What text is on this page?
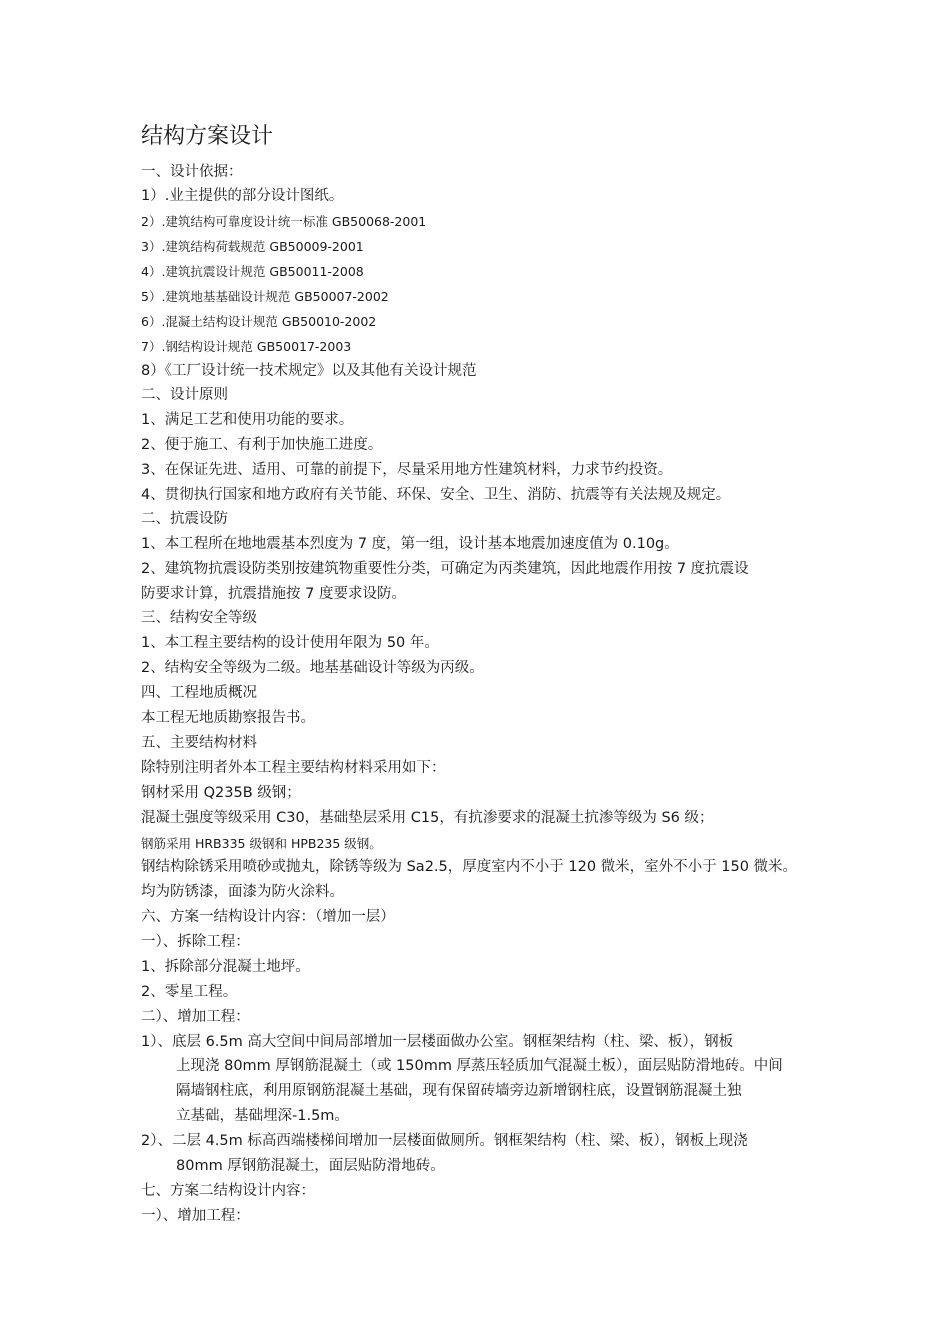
结构方案设计
一、设计依据：
1）.业主提供的部分设计图纸。
2）.建筑结构可靠度设计统一标准 GB50068-2001
3）.建筑结构荷载规范 GB50009-2001
4）.建筑抗震设计规范 GB50011-2008
5）.建筑地基基础设计规范 GB50007-2002
6）.混凝土结构设计规范 GB50010-2002
7）.钢结构设计规范 GB50017-2003
8）《工厂设计统一技术规定》以及其他有关设计规范
二、设计原则
1、满足工艺和使用功能的要求。
2、便于施工、有利于加快施工进度。
3、在保证先进、适用、可靠的前提下，尽量采用地方性建筑材料，力求节约投资。
4、贯彻执行国家和地方政府有关节能、环保、安全、卫生、消防、抗震等有关法规及规定。
二、抗震设防
1、本工程所在地地震基本烈度为 7 度，第一组，设计基本地震加速度值为 0.10g。
2、建筑物抗震设防类别按建筑物重要性分类，可确定为丙类建筑，因此地震作用按 7 度抗震设
防要求计算，抗震措施按 7 度要求设防。
三、结构安全等级
1、本工程主要结构的设计使用年限为 50 年。
2、结构安全等级为二级。地基基础设计等级为丙级。
四、工程地质概况
本工程无地质勘察报告书。
五、主要结构材料
除特别注明者外本工程主要结构材料采用如下：
钢材采用 Q235B 级钢；
混凝土强度等级采用 C30，基础垫层采用 C15，有抗渗要求的混凝土抗渗等级为 S6 级；
钢筋采用 HRB335 级钢和 HPB235 级钢。
钢结构除锈采用喷砂或抛丸，除锈等级为 Sa2.5，厚度室内不小于 120 微米，室外不小于 150 微米。
均为防锈漆，面漆为防火涂料。
六、方案一结构设计内容：（增加一层）
一）、拆除工程：
1、拆除部分混凝土地坪。
2、零星工程。
二）、增加工程：
1）、底层 6.5m 高大空间中间局部增加一层楼面做办公室。钢框架结构（柱、梁、板），钢板
上现浇 80mm 厚钢筋混凝土（或 150mm 厚蒸压轻质加气混凝土板），面层贴防滑地砖。中间
隔墙钢柱底，利用原钢筋混凝土基础，现有保留砖墙旁边新增钢柱底，设置钢筋混凝土独
立基础，基础埋深-1.5m。
2）、二层 4.5m 标高西端楼梯间增加一层楼面做厕所。钢框架结构（柱、梁、板），钢板上现浇
80mm 厚钢筋混凝土，面层贴防滑地砖。
七、方案二结构设计内容：
一）、增加工程：
